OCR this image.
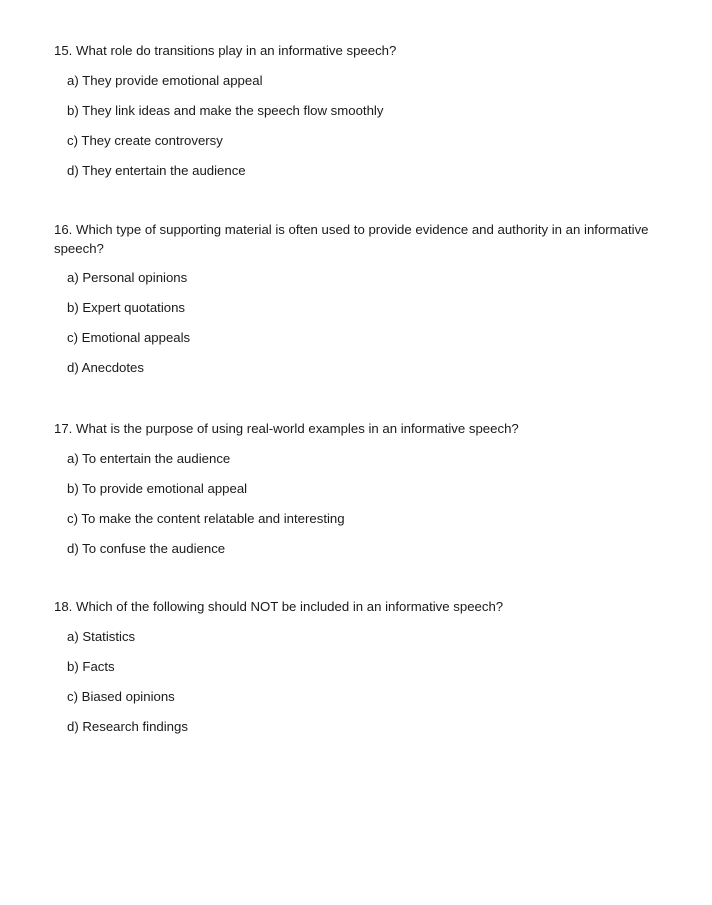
15. What role do transitions play in an informative speech?

a) They provide emotional appeal
b) They link ideas and make the speech flow smoothly
c) They create controversy
d) They entertain the audience

16. Which type of supporting material is often used to provide evidence and authority in an informative speech?

a) Personal opinions
b) Expert quotations
c) Emotional appeals
d) Anecdotes

17. What is the purpose of using real-world examples in an informative speech?

a) To entertain the audience
b) To provide emotional appeal
c) To make the content relatable and interesting
d) To confuse the audience

18. Which of the following should NOT be included in an informative speech?

a) Statistics
b) Facts
c) Biased opinions
d) Research findings
